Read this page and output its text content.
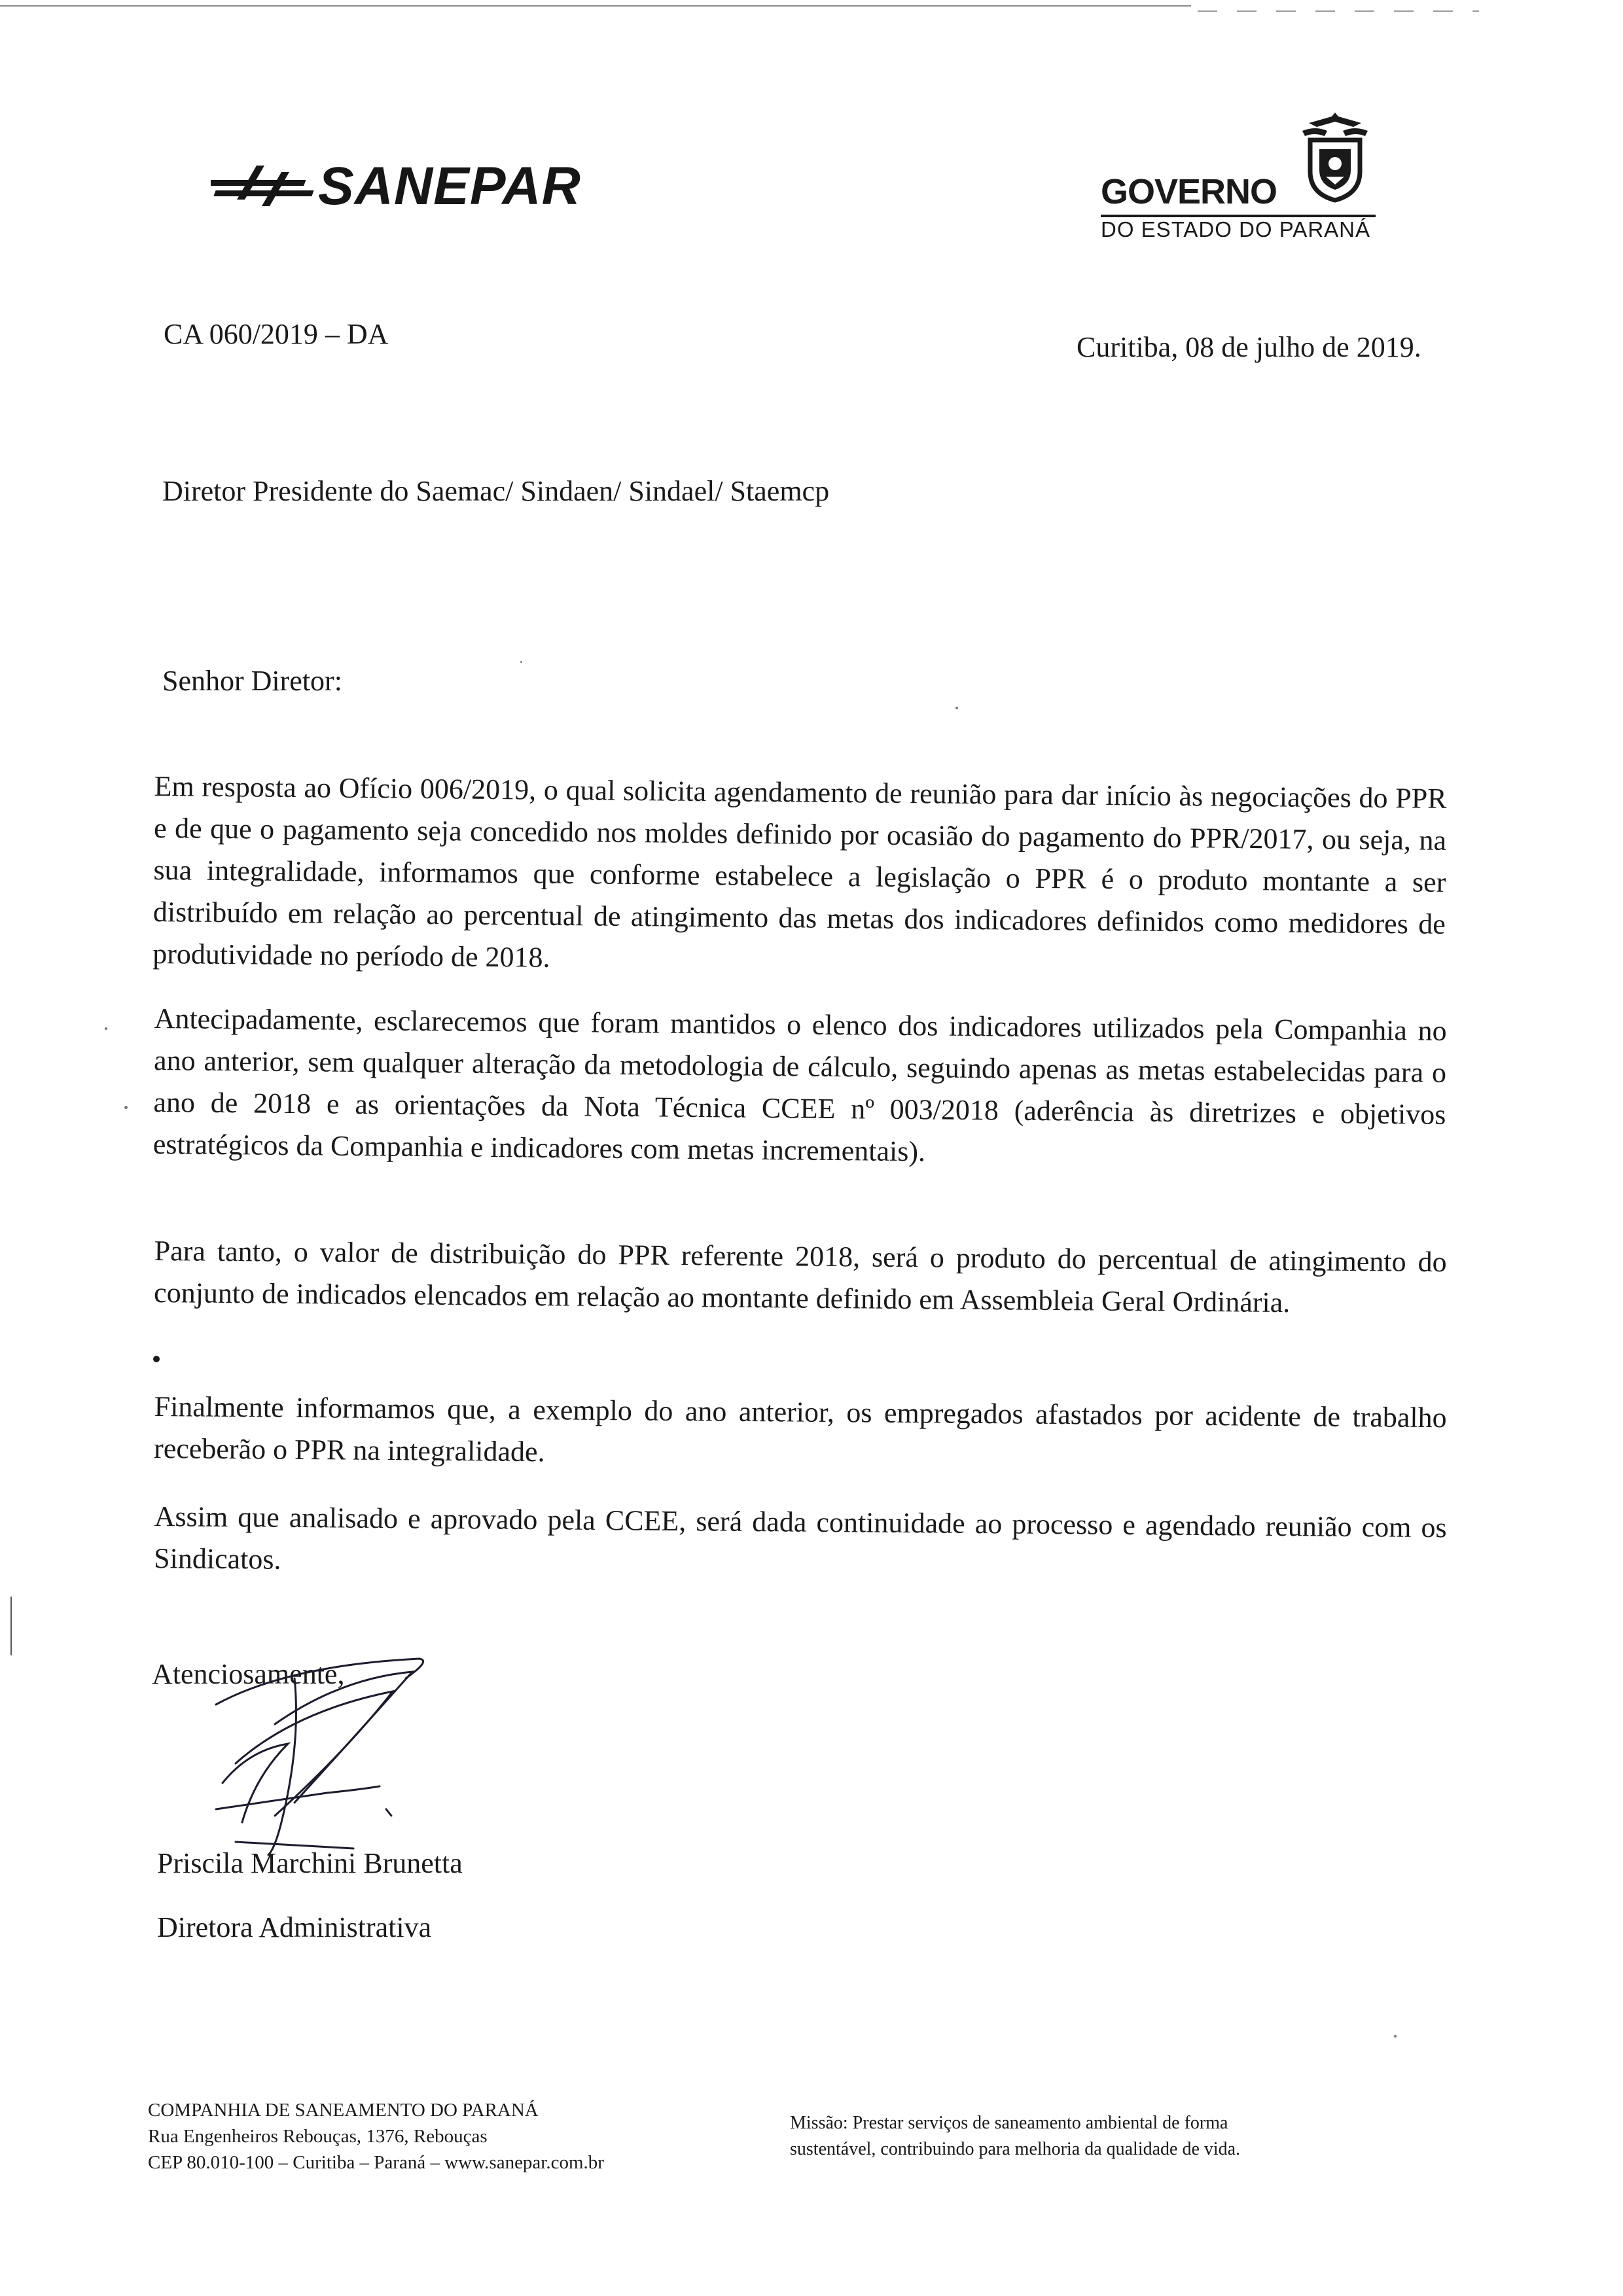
SANEPAR	GOVERNO
DO ESTADO DO PARANÁ
CA 060/2019 – DA	Curitiba, 08 de julho de 2019.
Diretor Presidente do Saemac/ Sindaen/ Sindael/ Staemcp
Senhor Diretor:

Em resposta ao Ofício 006/2019, o qual solicita agendamento de reunião para dar início às negociações do PPR e de que o pagamento seja concedido nos moldes definido por ocasião do pagamento do PPR/2017, ou seja, na sua integralidade, informamos que conforme estabelece a legislação o PPR é o produto montante a ser distribuído em relação ao percentual de atingimento das metas dos indicadores definidos como medidores de produtividade no período de 2018.

Antecipadamente, esclarecemos que foram mantidos o elenco dos indicadores utilizados pela Companhia no ano anterior, sem qualquer alteração da metodologia de cálculo, seguindo apenas as metas estabelecidas para o ano de 2018 e as orientações da Nota Técnica CCEE nº 003/2018 (aderência às diretrizes e objetivos estratégicos da Companhia e indicadores com metas incrementais).

Para tanto, o valor de distribuição do PPR referente 2018, será o produto do percentual de atingimento do conjunto de indicados elencados em relação ao montante definido em Assembleia Geral Ordinária.

Finalmente informamos que, a exemplo do ano anterior, os empregados afastados por acidente de trabalho receberão o PPR na integralidade.

Assim que analisado e aprovado pela CCEE, será dada continuidade ao processo e agendado reunião com os Sindicatos.

Atenciosamente,
Priscila Marchini Brunetta
Diretora Administrativa
COMPANHIA DE SANEAMENTO DO PARANÁ
Rua Engenheiros Rebouças, 1376, Rebouças
CEP 80.010-100 – Curitiba – Paraná – www.sanepar.com.br
Missão: Prestar serviços de saneamento ambiental de forma
sustentável, contribuindo para melhoria da qualidade de vida.
